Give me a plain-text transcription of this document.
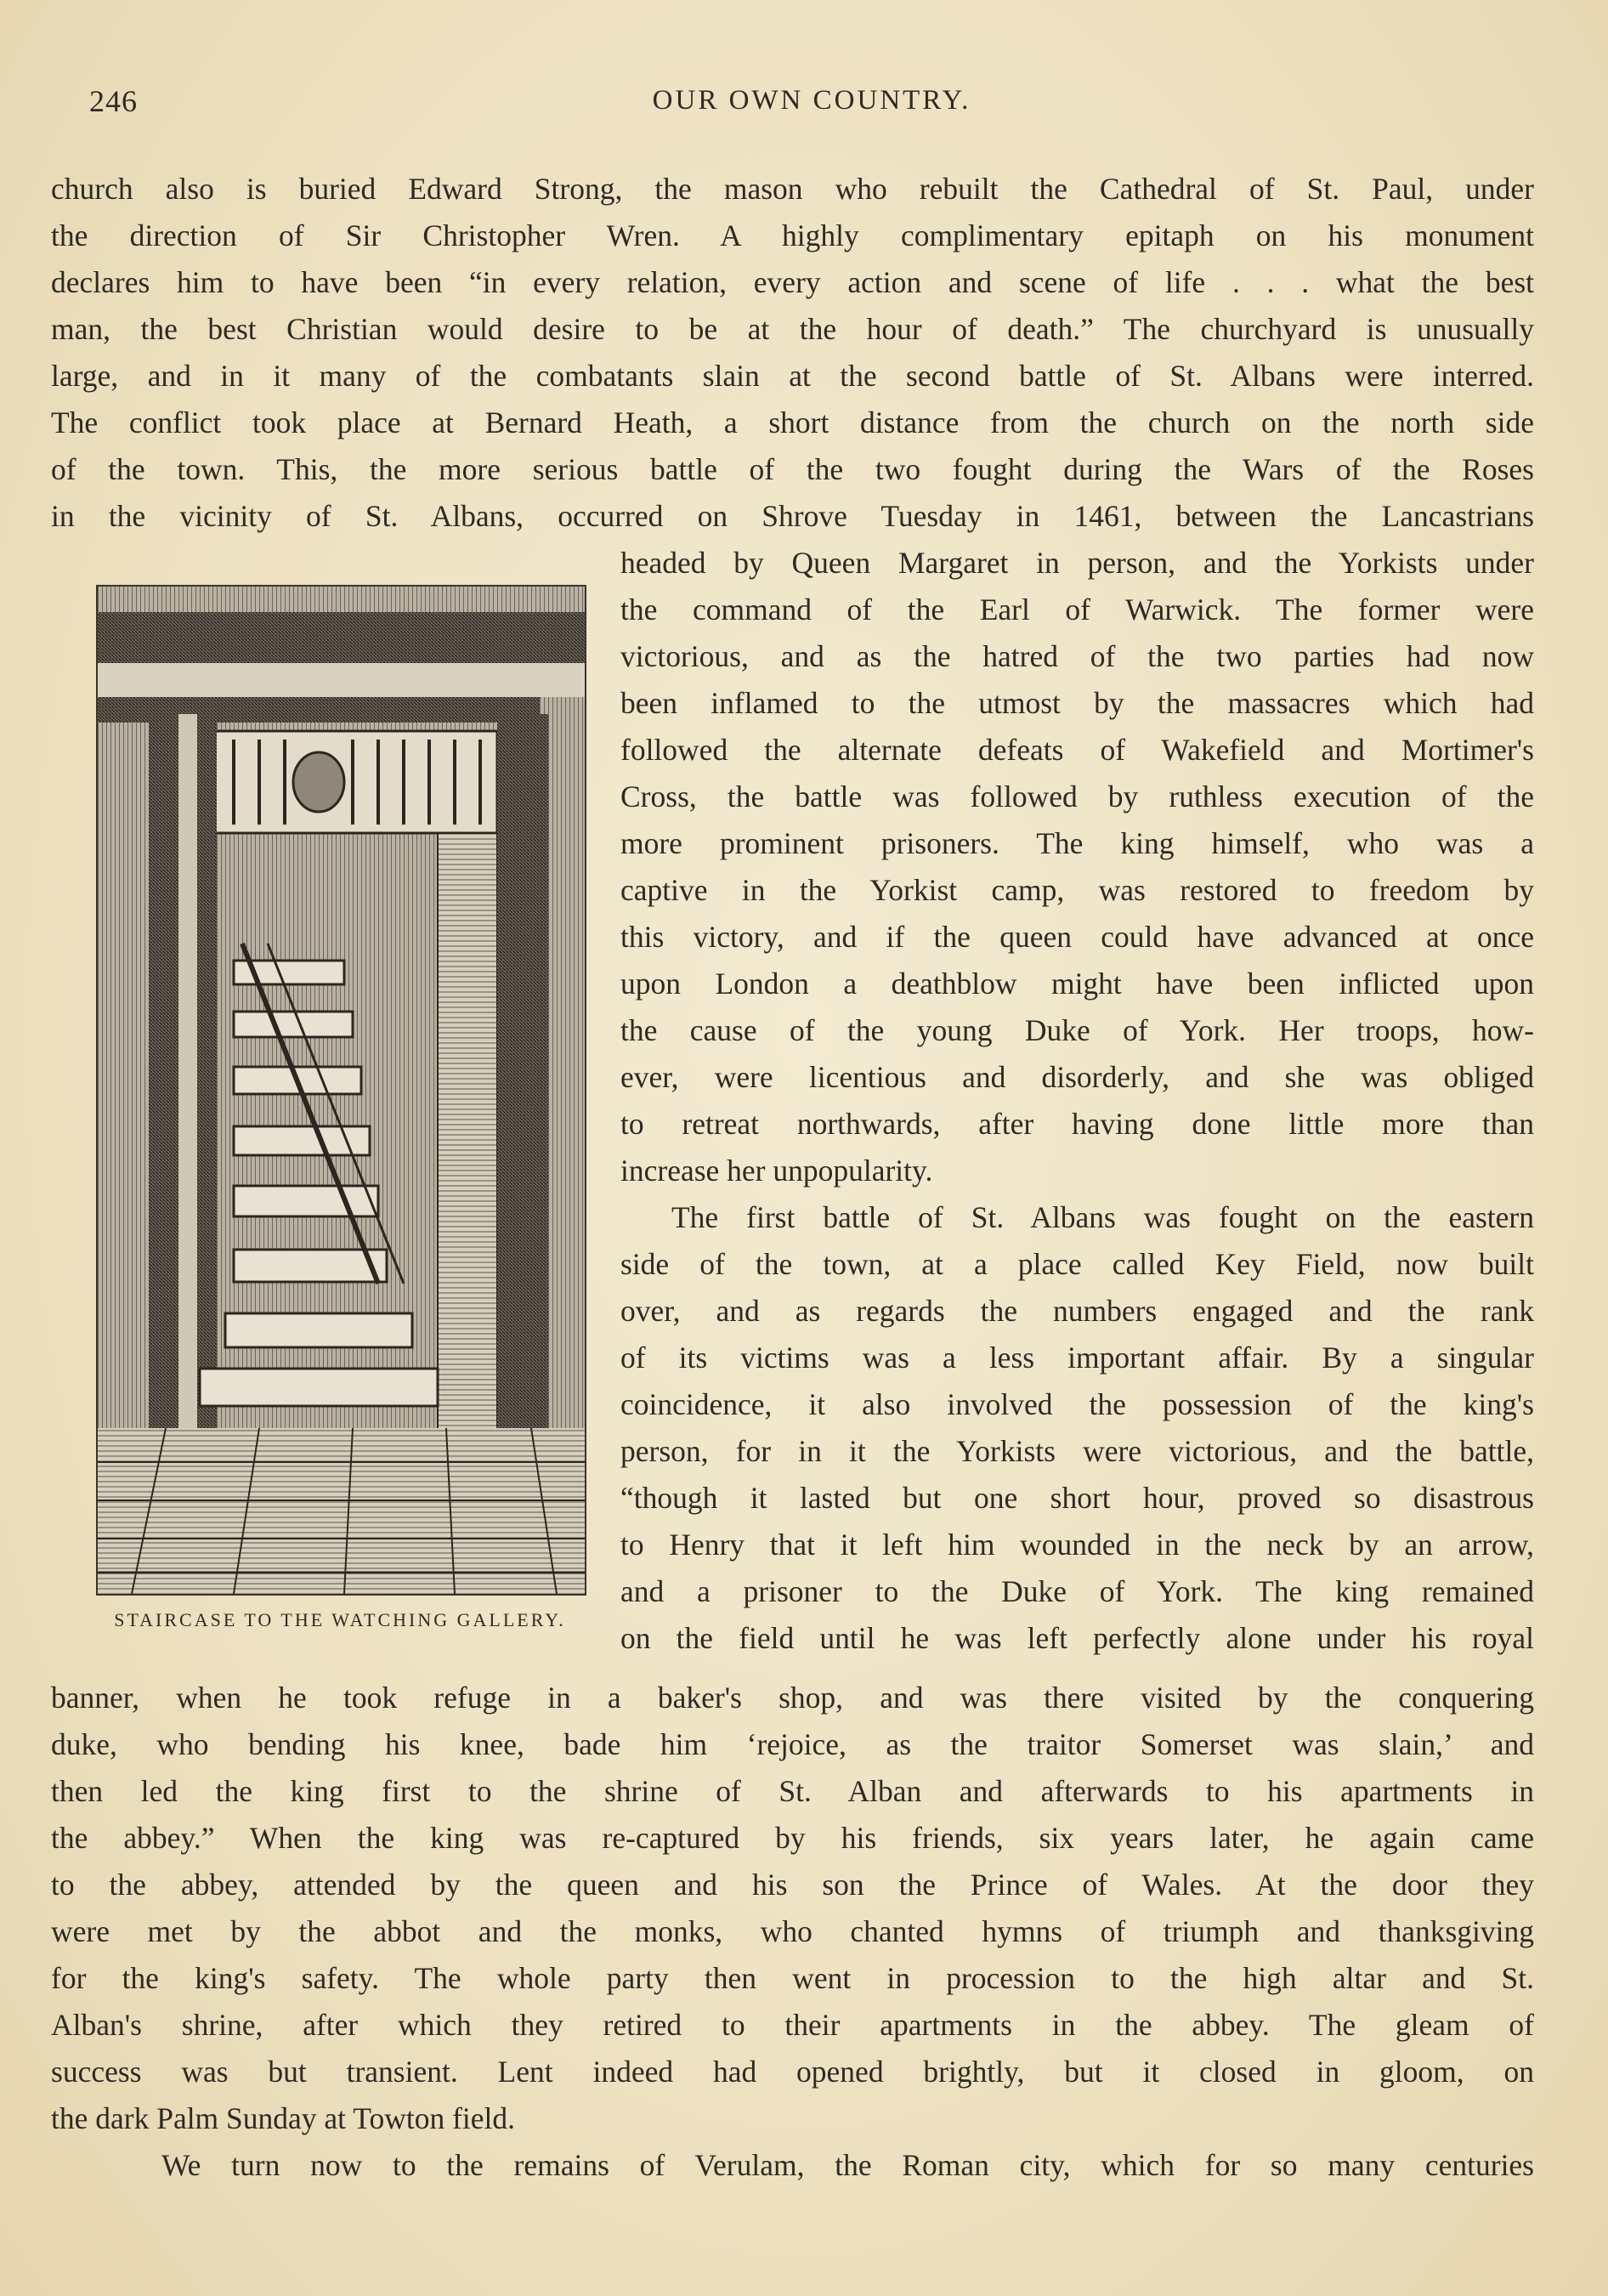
246	OUR OWN COUNTRY.
church also is buried Edward Strong, the mason who rebuilt the Cathedral of St. Paul, under
the direction of Sir Christopher Wren. A highly complimentary epitaph on his monument
declares him to have been “in every relation, every action and scene of life . . . what the best
man, the best Christian would desire to be at the hour of death.” The churchyard is unusually
large, and in it many of the combatants slain at the second battle of St. Albans were interred.
The conflict took place at Bernard Heath, a short distance from the church on the north side
of the town. This, the more serious battle of the two fought during the Wars of the Roses
in the vicinity of St. Albans, occurred on Shrove Tuesday in 1461, between the Lancastrians
headed by Queen Margaret in person, and the Yorkists under
the command of the Earl of Warwick. The former were
victorious, and as the hatred of the two parties had now
been inflamed to the utmost by the massacres which had
followed the alternate defeats of Wakefield and Mortimer's
Cross, the battle was followed by ruthless execution of the
more prominent prisoners. The king himself, who was a
captive in the Yorkist camp, was restored to freedom by
this victory, and if the queen could have advanced at once
upon London a deathblow might have been inflicted upon
the cause of the young Duke of York. Her troops, how-
ever, were licentious and disorderly, and she was obliged
to retreat northwards, after having done little more than
increase her unpopularity.
The first battle of St. Albans was fought on the eastern
side of the town, at a place called Key Field, now built
over, and as regards the numbers engaged and the rank
of its victims was a less important affair. By a singular
coincidence, it also involved the possession of the king's
person, for in it the Yorkists were victorious, and the battle,
“though it lasted but one short hour, proved so disastrous
to Henry that it left him wounded in the neck by an arrow,
and a prisoner to the Duke of York. The king remained
on the field until he was left perfectly alone under his royal
banner, when he took refuge in a baker's shop, and was there visited by the conquering
duke, who bending his knee, bade him ‘rejoice, as the traitor Somerset was slain,’ and
then led the king first to the shrine of St. Alban and afterwards to his apartments in
the abbey.” When the king was re-captured by his friends, six years later, he again came
to the abbey, attended by the queen and his son the Prince of Wales. At the door they
were met by the abbot and the monks, who chanted hymns of triumph and thanksgiving
for the king's safety. The whole party then went in procession to the high altar and St.
Alban's shrine, after which they retired to their apartments in the abbey. The gleam of
success was but transient. Lent indeed had opened brightly, but it closed in gloom, on
the dark Palm Sunday at Towton field.
We turn now to the remains of Verulam, the Roman city, which for so many centuries
STAIRCASE TO THE WATCHING GALLERY.
